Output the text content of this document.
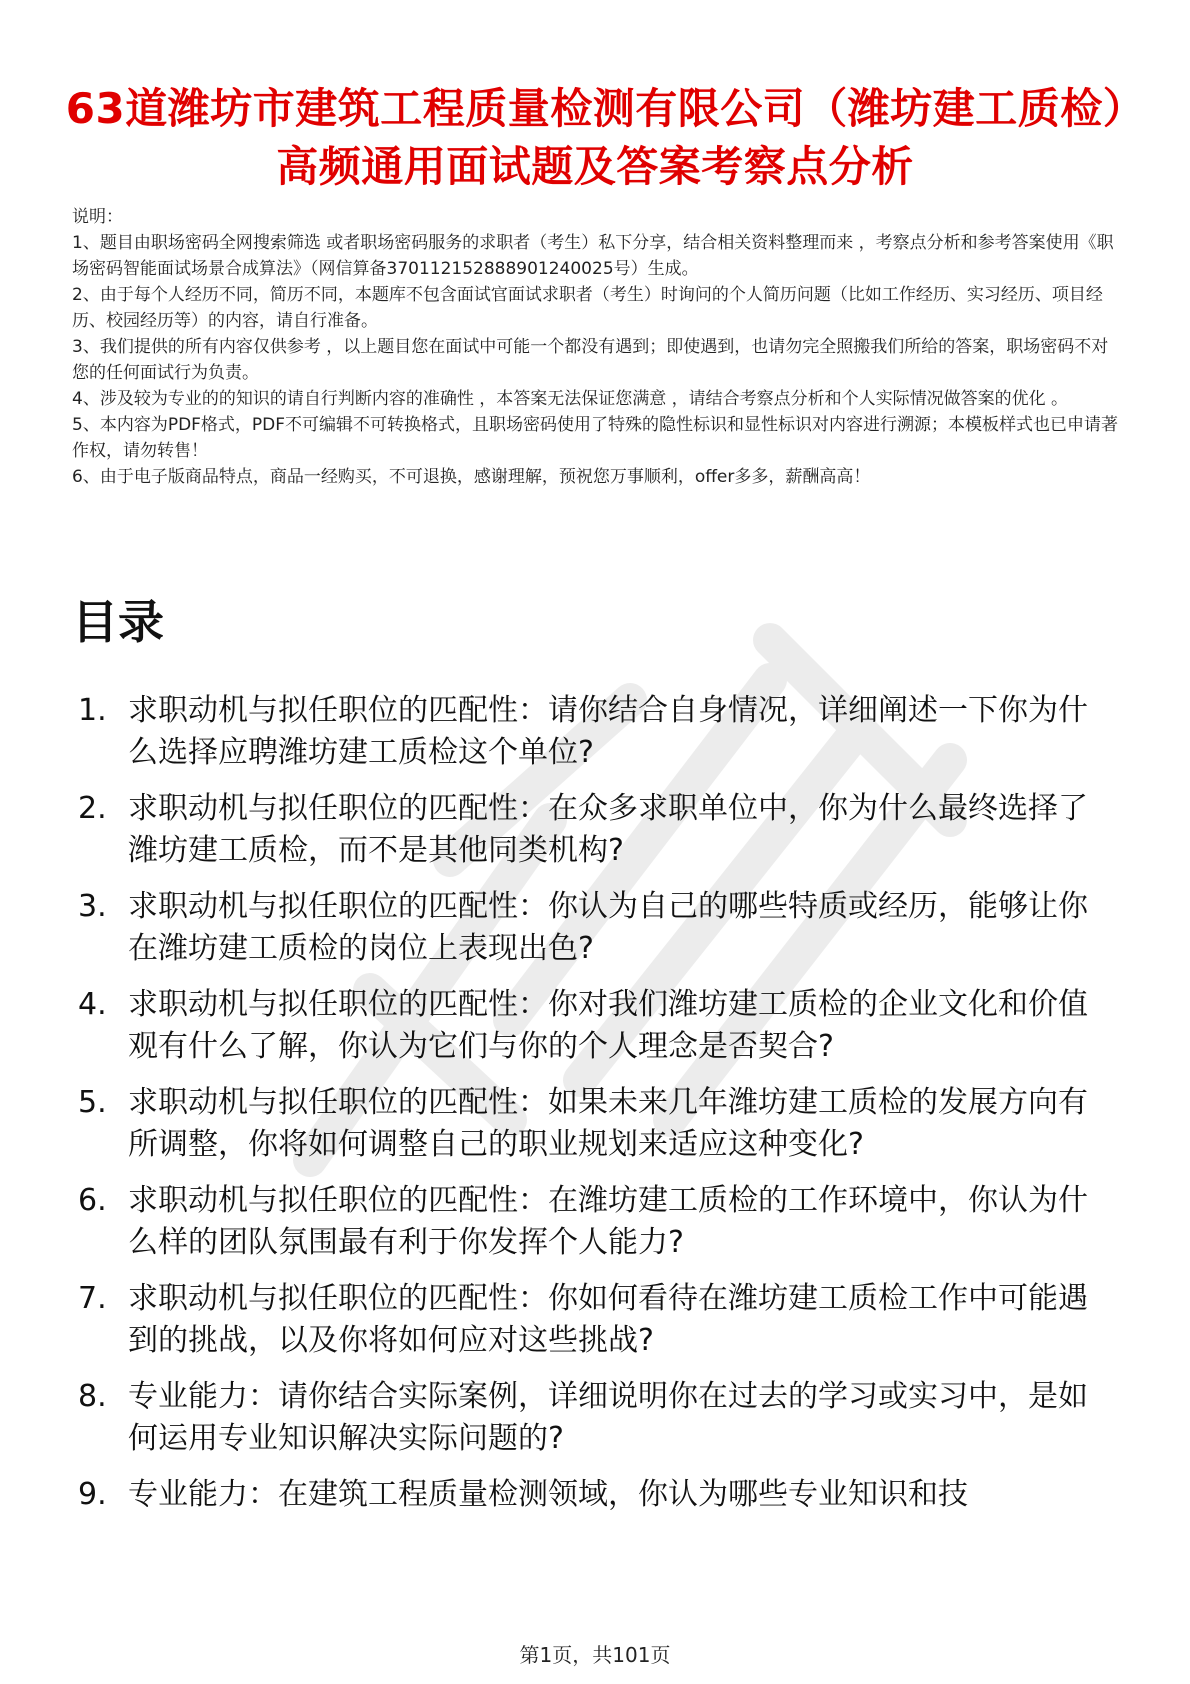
63道潍坊市建筑工程质量检测有限公司（潍坊建工质检）高频通用面试题及答案考察点分析

说明：

1、题目由职场密码全网搜索筛选 或者职场密码服务的求职者（考生）私下分享，结合相关资料整理而来 ，考察点分析和参考答案使用《职场密码智能面试场景合成算法》（网信算备370112152888901240025号）生成。

2、由于每个人经历不同，简历不同，本题库不包含面试官面试求职者（考生）时询问的个人简历问题（比如工作经历、实习经历、项目经历、校园经历等）的内容，请自行准备。

3、我们提供的所有内容仅供参考 ，以上题目您在面试中可能一个都没有遇到；即使遇到，也请勿完全照搬我们所给的答案，职场密码不对您的任何面试行为负责。

4、涉及较为专业的的知识的请自行判断内容的准确性 ，本答案无法保证您满意 ，请结合考察点分析和个人实际情况做答案的优化 。

5、本内容为PDF格式，PDF不可编辑不可转换格式，且职场密码使用了特殊的隐性标识和显性标识对内容进行溯源；本模板样式也已申请著作权，请勿转售！

6、由于电子版商品特点，商品一经购买，不可退换，感谢理解，预祝您万事顺利，offer多多，薪酬高高！

目录
1. 求职动机与拟任职位的匹配性：请你结合自身情况，详细阐述一下你为什么选择应聘潍坊建工质检这个单位?
2. 求职动机与拟任职位的匹配性：在众多求职单位中，你为什么最终选择了潍坊建工质检，而不是其他同类机构?
3. 求职动机与拟任职位的匹配性：你认为自己的哪些特质或经历，能够让你在潍坊建工质检的岗位上表现出色?
4. 求职动机与拟任职位的匹配性：你对我们潍坊建工质检的企业文化和价值观有什么了解，你认为它们与你的个人理念是否契合?
5. 求职动机与拟任职位的匹配性：如果未来几年潍坊建工质检的发展方向有所调整，你将如何调整自己的职业规划来适应这种变化?
6. 求职动机与拟任职位的匹配性：在潍坊建工质检的工作环境中，你认为什么样的团队氛围最有利于你发挥个人能力?
7. 求职动机与拟任职位的匹配性：你如何看待在潍坊建工质检工作中可能遇到的挑战，以及你将如何应对这些挑战?
8. 专业能力：请你结合实际案例，详细说明你在过去的学习或实习中，是如何运用专业知识解决实际问题的?
9. 专业能力：在建筑工程质量检测领域，你认为哪些专业知识和技
第1页，共101页
